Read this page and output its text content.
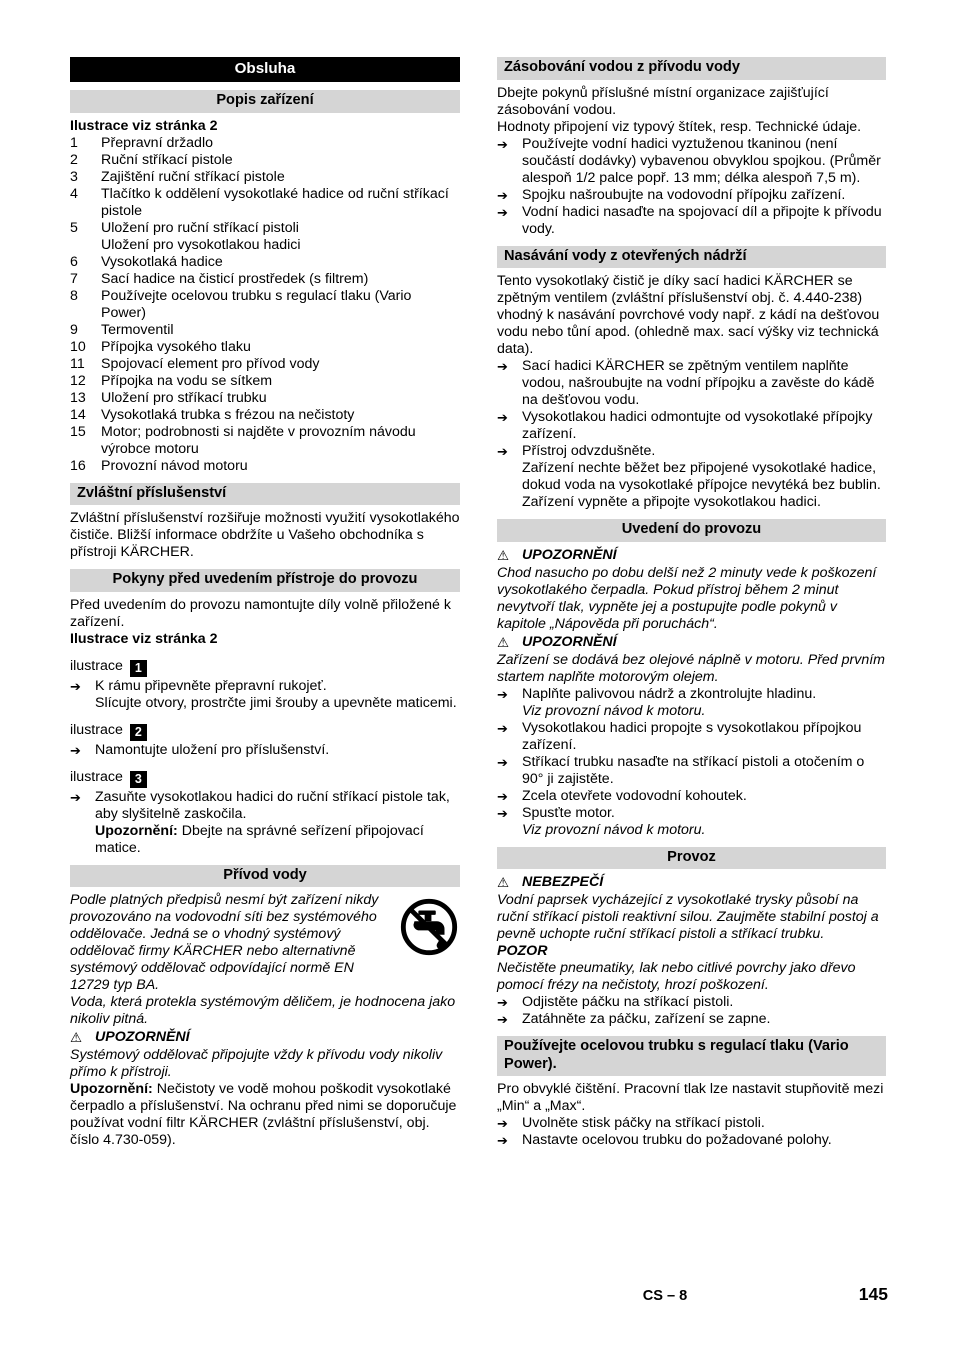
Obsluha
Popis zařízení
Ilustrace viz stránka 2
1	Přepravní držadlo
2	Ruční stříkací pistole
3	Zajištění ruční stříkací pistole
4	Tlačítko k oddělení vysokotlaké hadice od ruční stříkací pistole
5	Uložení pro ruční stříkací pistoli
Uložení pro vysokotlakou hadici
6	Vysokotlaká hadice
7	Sací hadice na čisticí prostředek (s filtrem)
8	Používejte ocelovou trubku s regulací tlaku (Vario Power)
9	Termoventil
10	Přípojka vysokého tlaku
11	Spojovací element pro přívod vody
12	Přípojka na vodu se sítkem
13	Uložení pro stříkací trubku
14	Vysokotlaká trubka s frézou na nečistoty
15	Motor; podrobnosti si najděte v provozním návodu výrobce motoru
16	Provozní návod motoru
Zvláštní příslušenství
Zvláštní příslušenství rozšiřuje možnosti využití vysokotlakého čističe. Bližší informace obdržíte u Vašeho obchodníka s přístroji KÄRCHER.
Pokyny před uvedením přístroje do provozu
Před uvedením do provozu namontujte díly volně přiložené k zařízení.
Ilustrace viz stránka 2
ilustrace 1
➔ K rámu připevněte přepravní rukojeť.
Slícujte otvory, prostrčte jimi šrouby a upevněte maticemi.
ilustrace 2
➔ Namontujte uložení pro příslušenství.
ilustrace 3
➔ Zasuňte vysokotlakou hadici do ruční stříkací pistole tak, aby slyšitelně zaskočila.
Upozornění: Dbejte na správné seřízení připojovací matice.
Přívod vody
Podle platných předpisů nesmí být zařízení nikdy provozováno na vodovodní síti bez systémového oddělovače. Jedná se o vhodný systémový oddělovač firmy KÄRCHER nebo alternativně systémový oddělovač odpovídající normě EN 12729 typ BA.
Voda, která protekla systémovým děličem, je hodnocena jako nikoliv pitná.
⚠ UPOZORNĚNÍ
Systémový oddělovač připojujte vždy k přívodu vody nikoliv přímo k přístroji.
Upozornění: Nečistoty ve vodě mohou poškodit vysokotlaké čerpadlo a příslušenství. Na ochranu před nimi se doporučuje používat vodní filtr KÄRCHER (zvláštní příslušenství, obj. číslo 4.730-059).
Zásobování vodou z přívodu vody
Dbejte pokynů příslušné místní organizace zajišťující zásobování vodou.
Hodnoty připojení viz typový štítek, resp. Technické údaje.
➔ Používejte vodní hadici vyztuženou tkaninou (není součástí dodávky) vybavenou obvyklou spojkou. (Průměr alespoň 1/2 palce popř. 13 mm; délka alespoň 7,5 m).
➔ Spojku našroubujte na vodovodní přípojku zařízení.
➔ Vodní hadici nasaďte na spojovací díl a připojte k přívodu vody.
Nasávání vody z otevřených nádrží
Tento vysokotlaký čistič je díky sací hadici KÄRCHER se zpětným ventilem (zvláštní příslušenství obj. č. 4.440-238) vhodný k nasávání povrchové vody např. z kádí na dešťovou vodu nebo tůní apod. (ohledně max. sací výšky viz technická data).
➔ Sací hadici KÄRCHER se zpětným ventilem naplňte vodou, našroubujte na vodní přípojku a zavěste do kádě na dešťovou vodu.
➔ Vysokotlakou hadici odmontujte od vysokotlaké přípojky zařízení.
➔ Přístroj odvzdušněte.
Zařízení nechte běžet bez připojené vysokotlaké hadice, dokud voda na vysokotlaké přípojce nevytéká bez bublin. Zařízení vypněte a připojte vysokotlakou hadici.
Uvedení do provozu
⚠ UPOZORNĚNÍ
Chod nasucho po dobu delší než 2 minuty vede k poškození vysokotlakého čerpadla. Pokud přístroj během 2 minut nevytvoří tlak, vypněte jej a postupujte podle pokynů v kapitole „Nápověda při poruchách“.
⚠ UPOZORNĚNÍ
Zařízení se dodává bez olejové náplně v motoru. Před prvním startem naplňte motorovým olejem.
➔ Naplňte palivovou nádrž a zkontrolujte hladinu.
Viz provozní návod k motoru.
➔ Vysokotlakou hadici propojte s vysokotlakou přípojkou zařízení.
➔ Stříkací trubku nasaďte na stříkací pistoli a otočením o 90° ji zajistěte.
➔ Zcela otevřete vodovodní kohoutek.
➔ Spusťte motor.
Viz provozní návod k motoru.
Provoz
⚠ NEBEZPEČÍ
Vodní paprsek vycházející z vysokotlaké trysky působí na ruční stříkací pistoli reaktivní silou. Zaujměte stabilní postoj a pevně uchopte ruční stříkací pistoli a stříkací trubku.
POZOR
Nečistěte pneumatiky, lak nebo citlivé povrchy jako dřevo pomocí frézy na nečistoty, hrozí poškození.
➔ Odjistěte páčku na stříkací pistoli.
➔ Zatáhněte za páčku, zařízení se zapne.
Používejte ocelovou trubku s regulací tlaku (Vario Power).
Pro obvyklé čištění. Pracovní tlak lze nastavit stupňovitě mezi „Min“ a „Max“.
➔ Uvolněte stisk páčky na stříkací pistoli.
➔ Nastavte ocelovou trubku do požadované polohy.
CS – 8	145
